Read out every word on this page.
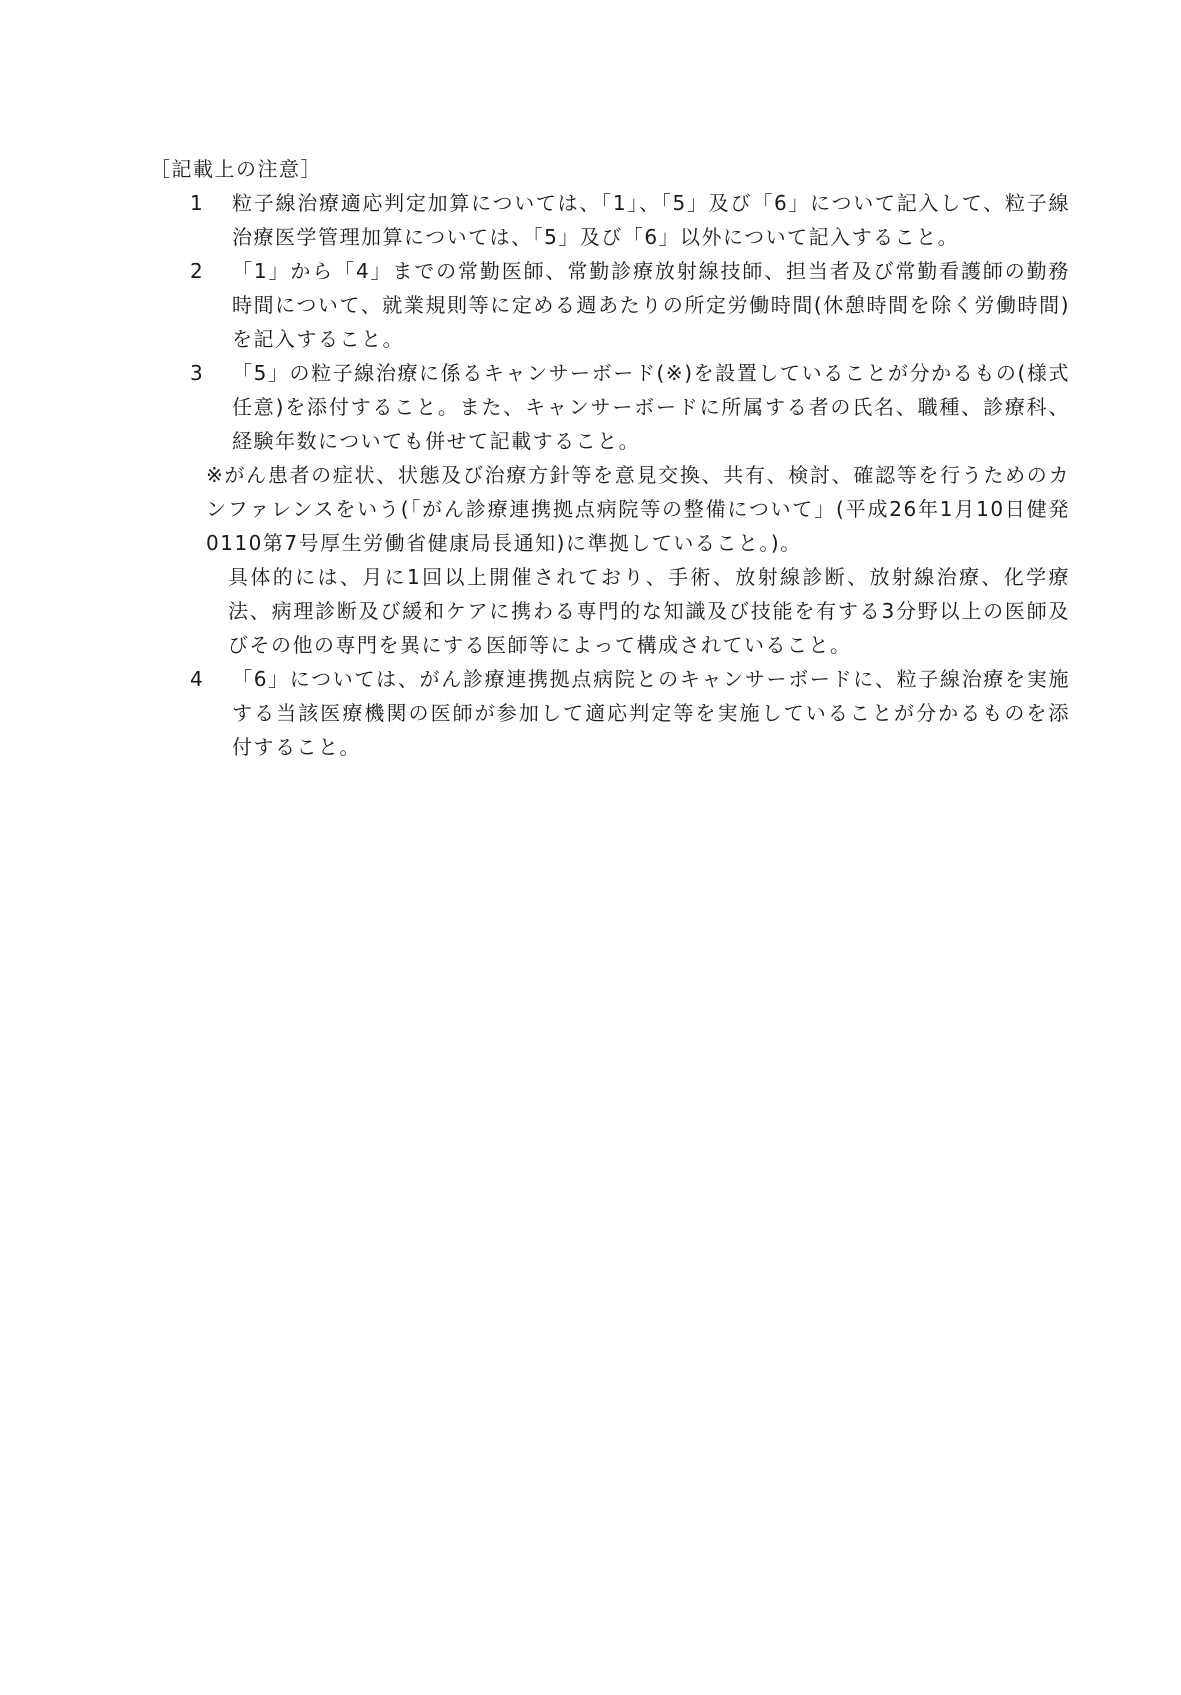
［記載上の注意］
1	粒子線治療適応判定加算については、「1」、「5」及び「6」について記入して、粒子線治療医学管理加算については、「5」及び「6」以外について記入すること。
2	「1」から「4」までの常勤医師、常勤診療放射線技師、担当者及び常勤看護師の勤務時間について、就業規則等に定める週あたりの所定労働時間(休憩時間を除く労働時間)を記入すること。
3	「5」の粒子線治療に係るキャンサーボード(※)を設置していることが分かるもの(様式任意)を添付すること。また、キャンサーボードに所属する者の氏名、職種、診療科、経験年数についても併せて記載すること。
※がん患者の症状、状態及び治療方針等を意見交換、共有、検討、確認等を行うためのカンファレンスをいう(「がん診療連携拠点病院等の整備について」(平成26年1月10日健発0110第7号厚生労働省健康局長通知)に準拠していること。)。
具体的には、月に1回以上開催されており、手術、放射線診断、放射線治療、化学療法、病理診断及び緩和ケアに携わる専門的な知識及び技能を有する3分野以上の医師及びその他の専門を異にする医師等によって構成されていること。
4	「6」については、がん診療連携拠点病院とのキャンサーボードに、粒子線治療を実施する当該医療機関の医師が参加して適応判定等を実施していることが分かるものを添付すること。
